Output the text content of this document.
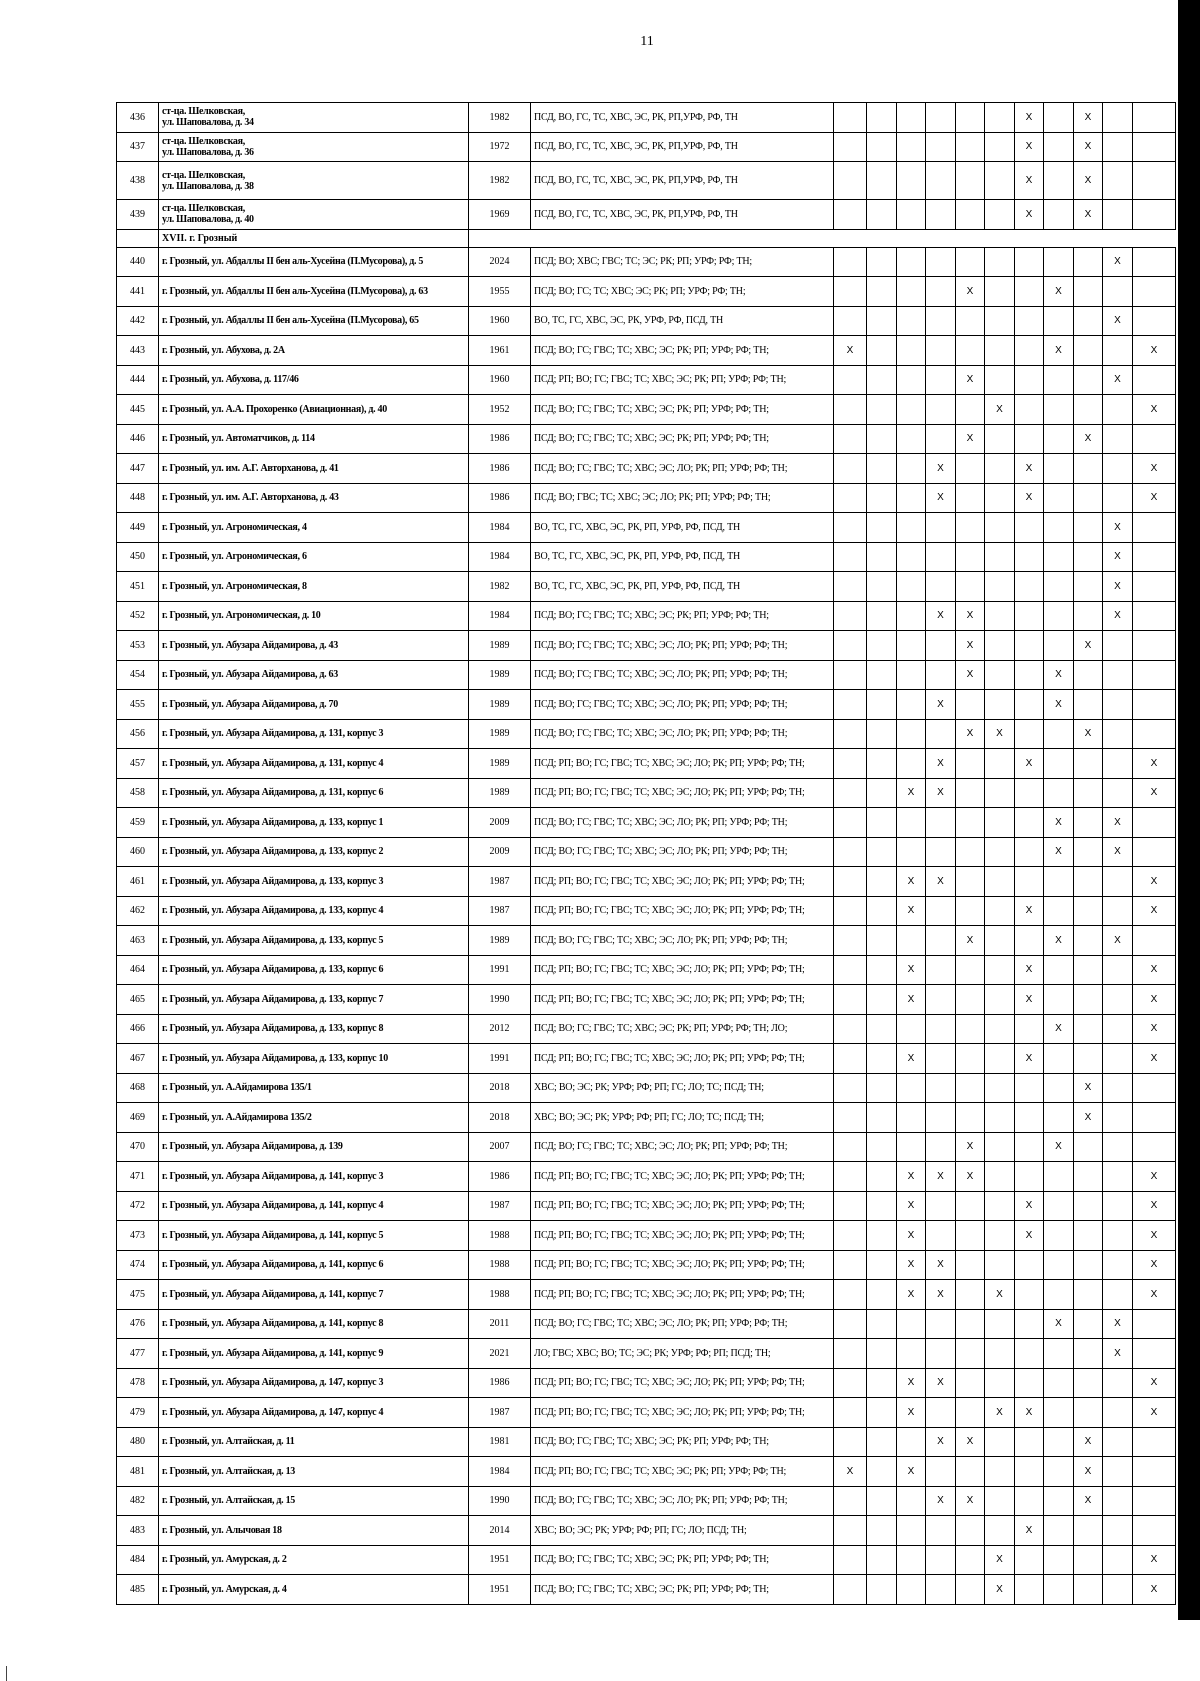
11
436	ст-ца. Шелковская,
ул. Шаповалова, д. 34	1982	ПСД, ВО, ГС, ТС, ХВС, ЭС, РК, РП,УРФ, РФ, ТН							X		X		
437	ст-ца. Шелковская,
ул. Шаповалова, д. 36	1972	ПСД, ВО, ГС, ТС, ХВС, ЭС, РК, РП,УРФ, РФ, ТН							X		X		
438	ст-ца. Шелковская,
ул. Шаповалова, д. 38	1982	ПСД, ВО, ГС, ТС, ХВС, ЭС, РК, РП,УРФ, РФ, ТН							X		X		
439	ст-ца. Шелковская,
ул. Шаповалова, д. 40	1969	ПСД, ВО, ГС, ТС, ХВС, ЭС, РК, РП,УРФ, РФ, ТН							X		X		
	XVII. г. Грозный													
440	г. Грозный, ул. Абдаллы II бен аль-Хусейна (П.Мусорова), д. 5	2024	ПСД; ВО; ХВС; ГВС; ТС; ЭС; РК; РП; УРФ; РФ; ТН;										X	
441	г. Грозный, ул. Абдаллы II бен аль-Хусейна (П.Мусорова), д. 63	1955	ПСД; ВО; ГС; ТС; ХВС; ЭС; РК; РП; УРФ; РФ; ТН;					X			X			
442	г. Грозный, ул. Абдаллы II бен аль-Хусейна (П.Мусорова), 65	1960	ВО, ТС, ГС, ХВС, ЭС, РК, УРФ, РФ, ПСД, ТН										X	
443	г. Грозный, ул. Абухова, д. 2А	1961	ПСД; ВО; ГС; ГВС; ТС; ХВС; ЭС; РК; РП; УРФ; РФ; ТН;	X							X			X
444	г. Грозный, ул. Абухова, д. 117/46	1960	ПСД; РП; ВО; ГС; ГВС; ТС; ХВС; ЭС; РК; РП; УРФ; РФ; ТН;					X					X	
445	г. Грозный, ул. А.А. Прохоренко (Авиационная), д. 40	1952	ПСД; ВО; ГС; ГВС; ТС; ХВС; ЭС; РК; РП; УРФ; РФ; ТН;						X					X
446	г. Грозный, ул. Автоматчиков, д. 114	1986	ПСД; ВО; ГС; ГВС; ТС; ХВС; ЭС; РК; РП; УРФ; РФ; ТН;					X				X		
447	г. Грозный, ул. им. А.Г. Авторханова, д. 41	1986	ПСД; ВО; ГС; ГВС; ТС; ХВС; ЭС; ЛО; РК; РП; УРФ; РФ; ТН;				X			X				X
448	г. Грозный, ул. им. А.Г. Авторханова, д. 43	1986	ПСД; ВО; ГВС; ТС; ХВС; ЭС; ЛО; РК; РП; УРФ; РФ; ТН;				X			X				X
449	г. Грозный, ул. Агрономическая, 4	1984	ВО, ТС, ГС, ХВС, ЭС, РК, РП, УРФ, РФ, ПСД, ТН										X	
450	г. Грозный, ул. Агрономическая, 6	1984	ВО, ТС, ГС, ХВС, ЭС, РК, РП, УРФ, РФ, ПСД, ТН										X	
451	г. Грозный, ул. Агрономическая, 8	1982	ВО, ТС, ГС, ХВС, ЭС, РК, РП, УРФ, РФ, ПСД, ТН										X	
452	г. Грозный, ул. Агрономическая, д. 10	1984	ПСД; ВО; ГС; ГВС; ТС; ХВС; ЭС; РК; РП; УРФ; РФ; ТН;				X	X					X	
453	г. Грозный, ул. Абузара Айдамирова, д. 43	1989	ПСД; ВО; ГС; ГВС; ТС; ХВС; ЭС; ЛО; РК; РП; УРФ; РФ; ТН;					X				X		
454	г. Грозный, ул. Абузара Айдамирова, д. 63	1989	ПСД; ВО; ГС; ГВС; ТС; ХВС; ЭС; ЛО; РК; РП; УРФ; РФ; ТН;					X			X			
455	г. Грозный, ул. Абузара Айдамирова, д. 70	1989	ПСД; ВО; ГС; ГВС; ТС; ХВС; ЭС; ЛО; РК; РП; УРФ; РФ; ТН;				X				X			
456	г. Грозный, ул. Абузара Айдамирова, д. 131, корпус 3	1989	ПСД; ВО; ГС; ГВС; ТС; ХВС; ЭС; ЛО; РК; РП; УРФ; РФ; ТН;					X	X			X		
457	г. Грозный, ул. Абузара Айдамирова, д. 131, корпус 4	1989	ПСД; РП; ВО; ГС; ГВС; ТС; ХВС; ЭС; ЛО; РК; РП; УРФ; РФ; ТН;				X			X				X
458	г. Грозный, ул. Абузара Айдамирова, д. 131, корпус 6	1989	ПСД; РП; ВО; ГС; ГВС; ТС; ХВС; ЭС; ЛО; РК; РП; УРФ; РФ; ТН;			X	X							X
459	г. Грозный, ул. Абузара Айдамирова, д. 133, корпус 1	2009	ПСД; ВО; ГС; ГВС; ТС; ХВС; ЭС; ЛО; РК; РП; УРФ; РФ; ТН;								X		X	
460	г. Грозный, ул. Абузара Айдамирова, д. 133, корпус 2	2009	ПСД; ВО; ГС; ГВС; ТС; ХВС; ЭС; ЛО; РК; РП; УРФ; РФ; ТН;								X		X	
461	г. Грозный, ул. Абузара Айдамирова, д. 133, корпус 3	1987	ПСД; РП; ВО; ГС; ГВС; ТС; ХВС; ЭС; ЛО; РК; РП; УРФ; РФ; ТН;			X	X							X
462	г. Грозный, ул. Абузара Айдамирова, д. 133, корпус 4	1987	ПСД; РП; ВО; ГС; ГВС; ТС; ХВС; ЭС; ЛО; РК; РП; УРФ; РФ; ТН;			X				X				X
463	г. Грозный, ул. Абузара Айдамирова, д. 133, корпус 5	1989	ПСД; ВО; ГС; ГВС; ТС; ХВС; ЭС; ЛО; РК; РП; УРФ; РФ; ТН;					X			X		X	
464	г. Грозный, ул. Абузара Айдамирова, д. 133, корпус 6	1991	ПСД; РП; ВО; ГС; ГВС; ТС; ХВС; ЭС; ЛО; РК; РП; УРФ; РФ; ТН;			X				X				X
465	г. Грозный, ул. Абузара Айдамирова, д. 133, корпус 7	1990	ПСД; РП; ВО; ГС; ГВС; ТС; ХВС; ЭС; ЛО; РК; РП; УРФ; РФ; ТН;			X				X				X
466	г. Грозный, ул. Абузара Айдамирова, д. 133, корпус 8	2012	ПСД; ВО; ГС; ГВС; ТС; ХВС; ЭС; РК; РП; УРФ; РФ; ТН; ЛО;								X			X
467	г. Грозный, ул. Абузара Айдамирова, д. 133, корпус 10	1991	ПСД; РП; ВО; ГС; ГВС; ТС; ХВС; ЭС; ЛО; РК; РП; УРФ; РФ; ТН;			X				X				X
468	г. Грозный, ул. А.Айдамирова 135/1	2018	ХВС; ВО; ЭС; РК; УРФ; РФ; РП; ГС; ЛО; ТС; ПСД; ТН;									X		
469	г. Грозный, ул. А.Айдамирова 135/2	2018	ХВС; ВО; ЭС; РК; УРФ; РФ; РП; ГС; ЛО; ТС; ПСД; ТН;									X		
470	г. Грозный, ул. Абузара Айдамирова, д. 139	2007	ПСД; ВО; ГС; ГВС; ТС; ХВС; ЭС; ЛО; РК; РП; УРФ; РФ; ТН;					X			X			
471	г. Грозный, ул. Абузара Айдамирова, д. 141, корпус 3	1986	ПСД; РП; ВО; ГС; ГВС; ТС; ХВС; ЭС; ЛО; РК; РП; УРФ; РФ; ТН;			X	X	X						X
472	г. Грозный, ул. Абузара Айдамирова, д. 141, корпус 4	1987	ПСД; РП; ВО; ГС; ГВС; ТС; ХВС; ЭС; ЛО; РК; РП; УРФ; РФ; ТН;			X				X				X
473	г. Грозный, ул. Абузара Айдамирова, д. 141, корпус 5	1988	ПСД; РП; ВО; ГС; ГВС; ТС; ХВС; ЭС; ЛО; РК; РП; УРФ; РФ; ТН;			X				X				X
474	г. Грозный, ул. Абузара Айдамирова, д. 141, корпус 6	1988	ПСД; РП; ВО; ГС; ГВС; ТС; ХВС; ЭС; ЛО; РК; РП; УРФ; РФ; ТН;			X	X							X
475	г. Грозный, ул. Абузара Айдамирова, д. 141, корпус 7	1988	ПСД; РП; ВО; ГС; ГВС; ТС; ХВС; ЭС; ЛО; РК; РП; УРФ; РФ; ТН;			X	X		X					X
476	г. Грозный, ул. Абузара Айдамирова, д. 141, корпус 8	2011	ПСД; ВО; ГС; ГВС; ТС; ХВС; ЭС; ЛО; РК; РП; УРФ; РФ; ТН;								X		X	
477	г. Грозный, ул. Абузара Айдамирова, д. 141, корпус 9	2021	ЛО; ГВС; ХВС; ВО; ТС; ЭС; РК; УРФ; РФ; РП; ПСД; ТН;										X	
478	г. Грозный, ул. Абузара Айдамирова, д. 147, корпус 3	1986	ПСД; РП; ВО; ГС; ГВС; ТС; ХВС; ЭС; ЛО; РК; РП; УРФ; РФ; ТН;			X	X							X
479	г. Грозный, ул. Абузара Айдамирова, д. 147, корпус 4	1987	ПСД; РП; ВО; ГС; ГВС; ТС; ХВС; ЭС; ЛО; РК; РП; УРФ; РФ; ТН;			X			X	X				X
480	г. Грозный, ул. Алтайская, д. 11	1981	ПСД; ВО; ГС; ГВС; ТС; ХВС; ЭС; РК; РП; УРФ; РФ; ТН;				X	X				X		
481	г. Грозный, ул. Алтайская, д. 13	1984	ПСД; РП; ВО; ГС; ГВС; ТС; ХВС; ЭС; РК; РП; УРФ; РФ; ТН;	X		X						X		
482	г. Грозный, ул. Алтайская, д. 15	1990	ПСД; ВО; ГС; ГВС; ТС; ХВС; ЭС; ЛО; РК; РП; УРФ; РФ; ТН;				X	X				X		
483	г. Грозный, ул. Алычовая 18	2014	ХВС; ВО; ЭС; РК; УРФ; РФ; РП; ГС; ЛО; ПСД; ТН;							X				
484	г. Грозный, ул. Амурская, д. 2	1951	ПСД; ВО; ГС; ГВС; ТС; ХВС; ЭС; РК; РП; УРФ; РФ; ТН;						X					X
485	г. Грозный, ул. Амурская, д. 4	1951	ПСД; ВО; ГС; ГВС; ТС; ХВС; ЭС; РК; РП; УРФ; РФ; ТН;						X					X
